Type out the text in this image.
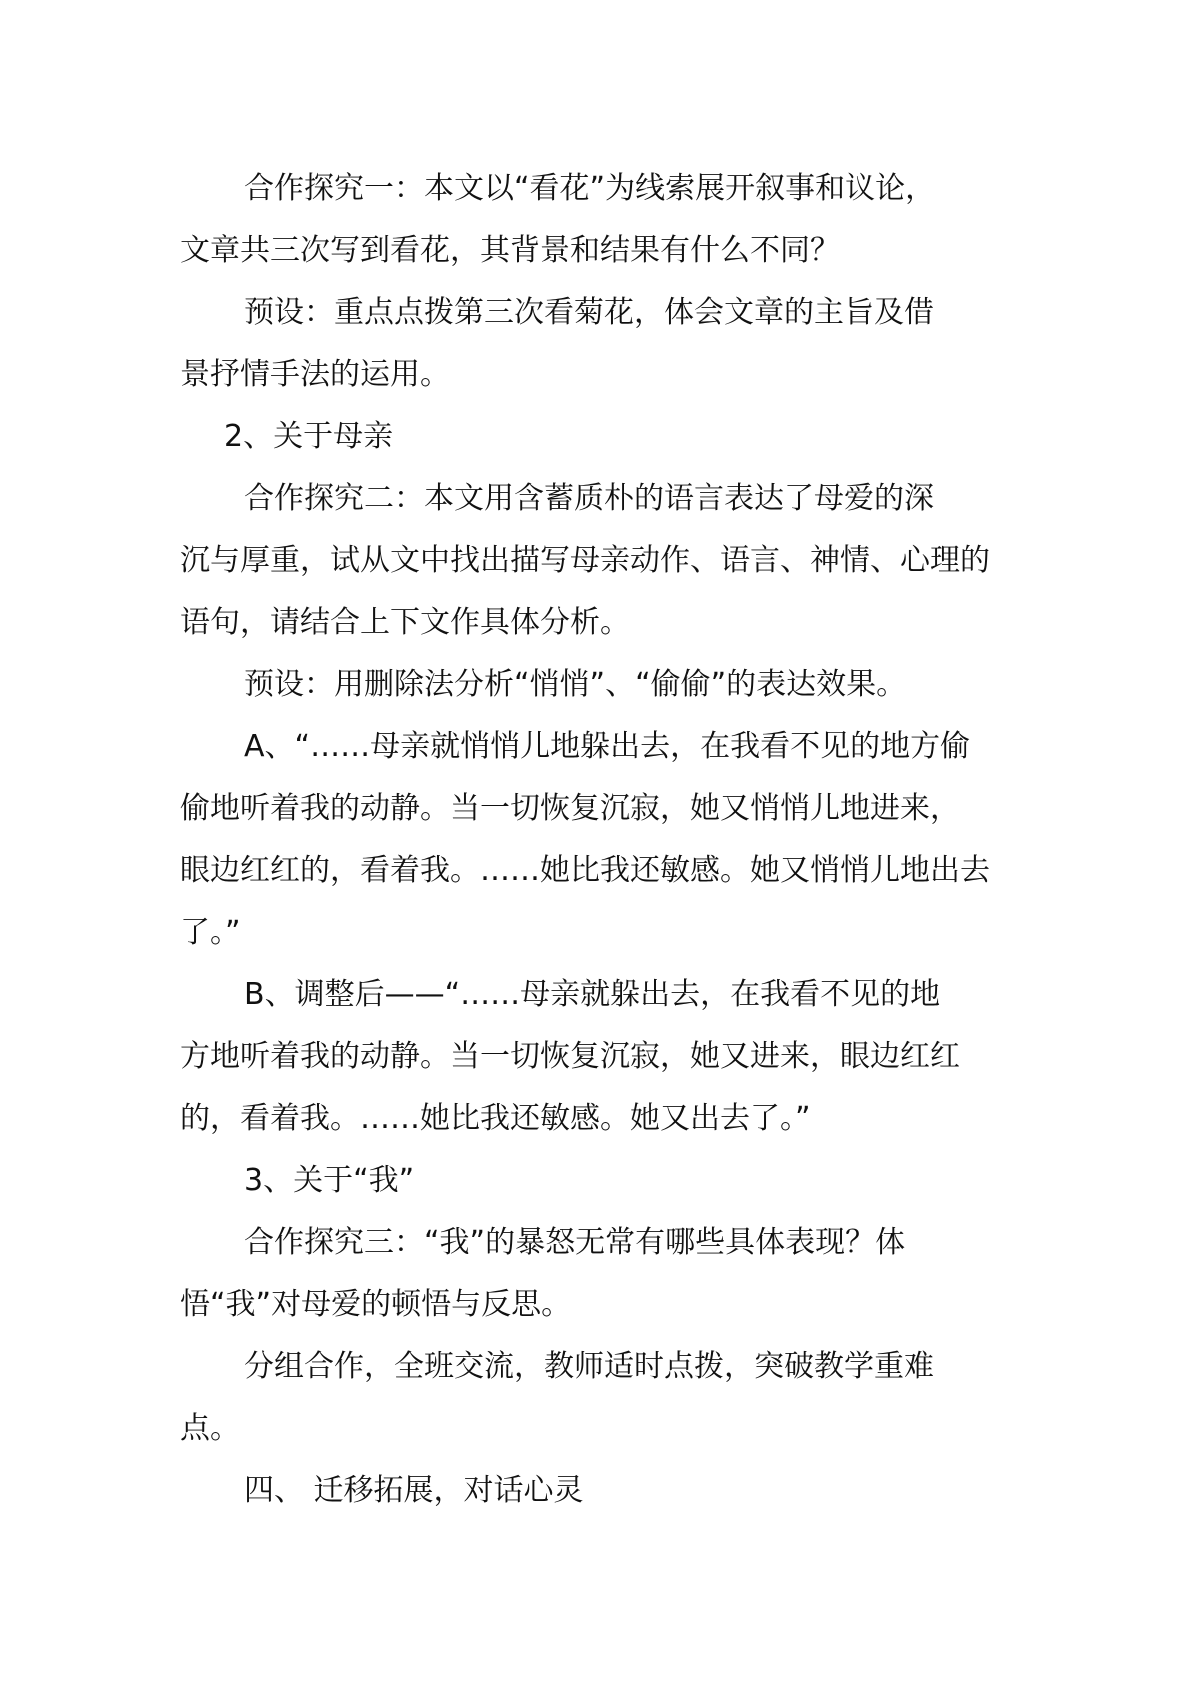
合作探究一：本文以“看花”为线索展开叙事和议论，

文章共三次写到看花，其背景和结果有什么不同？

预设：重点点拨第三次看菊花，体会文章的主旨及借

景抒情手法的运用。

2、关于母亲

合作探究二：本文用含蓄质朴的语言表达了母爱的深

沉与厚重，试从文中找出描写母亲动作、语言、神情、心理的

语句，请结合上下文作具体分析。

预设：用删除法分析“悄悄”、“偷偷”的表达效果。

A、“……母亲就悄悄儿地躲出去，在我看不见的地方偷

偷地听着我的动静。当一切恢复沉寂，她又悄悄儿地进来，

眼边红红的，看着我。……她比我还敏感。她又悄悄儿地出去

了。”

B、调整后——“……母亲就躲出去，在我看不见的地

方地听着我的动静。当一切恢复沉寂，她又进来，眼边红红

的，看着我。……她比我还敏感。她又出去了。”

3、关于“我”

合作探究三：“我”的暴怒无常有哪些具体表现？体

悟“我”对母爱的顿悟与反思。

分组合作，全班交流，教师适时点拨，突破教学重难

点。

四、 迁移拓展，对话心灵
